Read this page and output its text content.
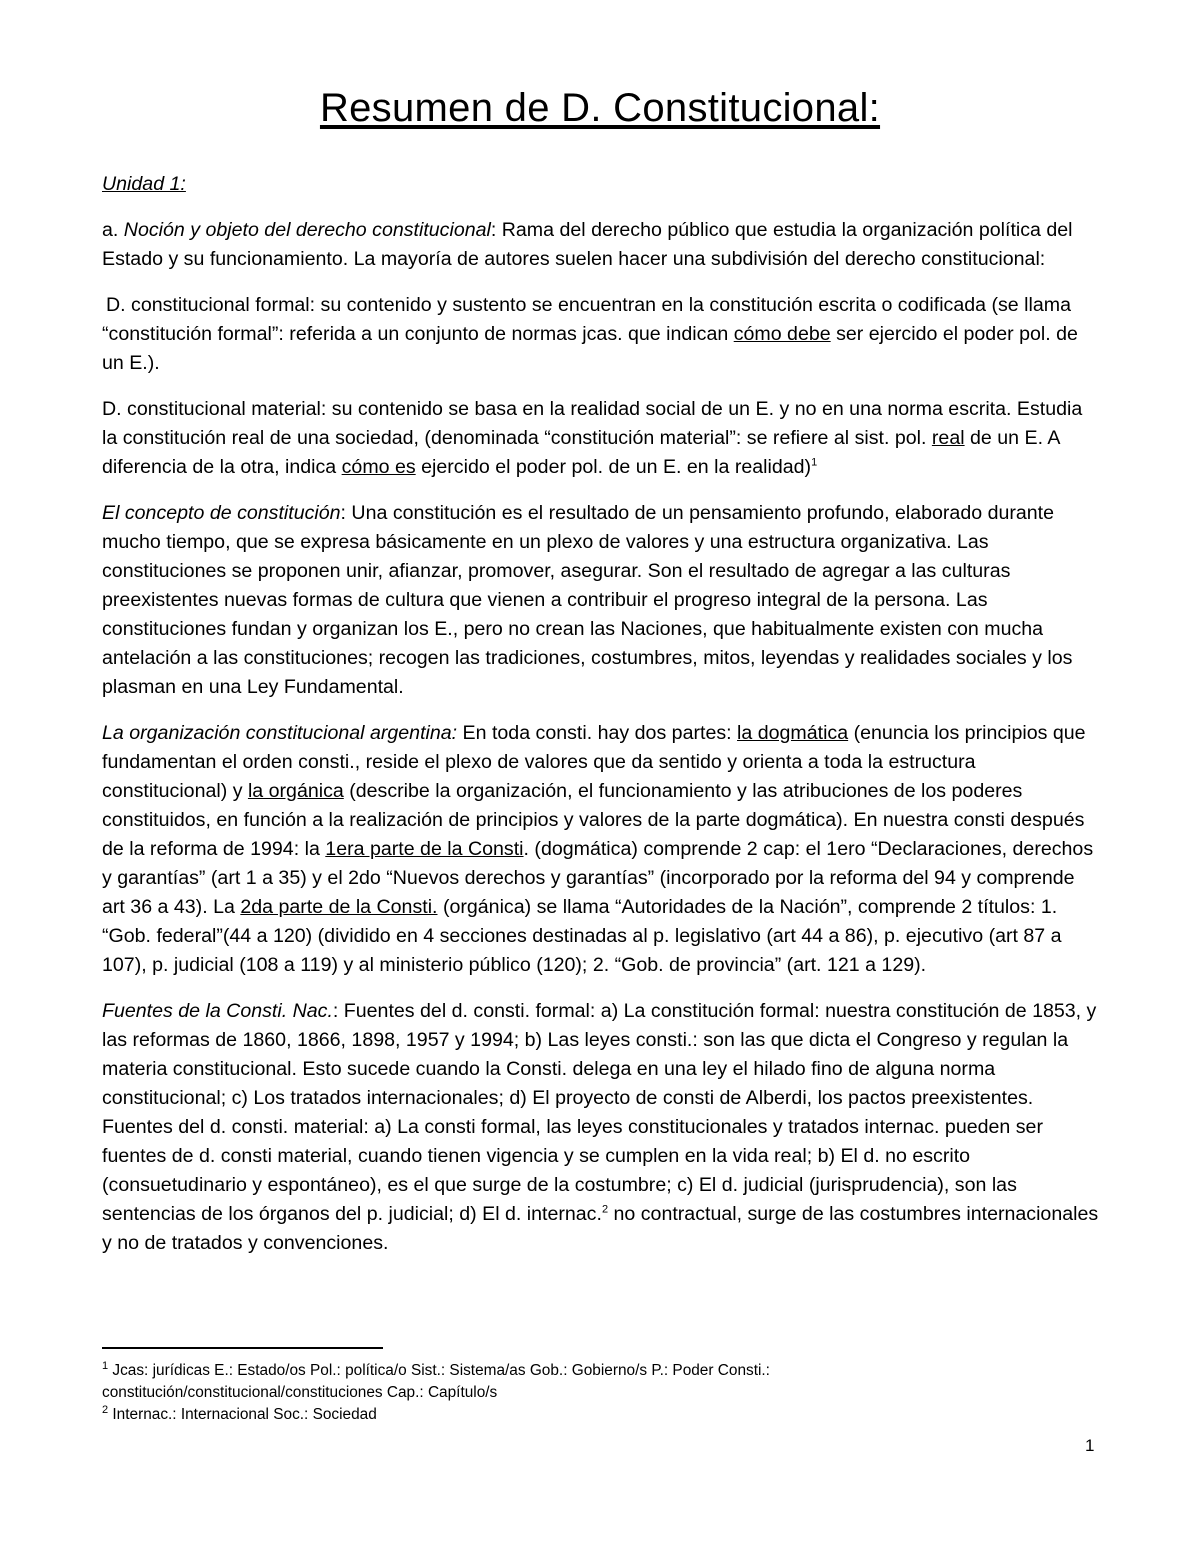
Resumen de D. Constitucional:

Unidad 1:

a. Noción y objeto del derecho constitucional: Rama del derecho público que estudia la organización política del Estado y su funcionamiento. La mayoría de autores suelen hacer una subdivisión del derecho constitucional:

D. constitucional formal: su contenido y sustento se encuentran en la constitución escrita o codificada (se llama “constitución formal”: referida a un conjunto de normas jcas. que indican cómo debe ser ejercido el poder pol. de un E.).

D. constitucional material: su contenido se basa en la realidad social de un E. y no en una norma escrita. Estudia la constitución real de una sociedad, (denominada “constitución material”: se refiere al sist. pol. real de un E. A diferencia de la otra, indica cómo es ejercido el poder pol. de un E. en la realidad)$^1$

El concepto de constitución: Una constitución es el resultado de un pensamiento profundo, elaborado durante mucho tiempo, que se expresa básicamente en un plexo de valores y una estructura organizativa. Las constituciones se proponen unir, afianzar, promover, asegurar. Son el resultado de agregar a las culturas preexistentes nuevas formas de cultura que vienen a contribuir el progreso integral de la persona. Las constituciones fundan y organizan los E., pero no crean las Naciones, que habitualmente existen con mucha antelación a las constituciones; recogen las tradiciones, costumbres, mitos, leyendas y realidades sociales y los plasman en una Ley Fundamental.

La organización constitucional argentina: En toda consti. hay dos partes: la dogmática (enuncia los principios que fundamentan el orden consti., reside el plexo de valores que da sentido y orienta a toda la estructura constitucional) y la orgánica (describe la organización, el funcionamiento y las atribuciones de los poderes constituidos, en función a la realización de principios y valores de la parte dogmática). En nuestra consti después de la reforma de 1994: la 1era parte de la Consti. (dogmática) comprende 2 cap: el 1ero “Declaraciones, derechos y garantías” (art 1 a 35) y el 2do “Nuevos derechos y garantías” (incorporado por la reforma del 94 y comprende art 36 a 43). La 2da parte de la Consti. (orgánica) se llama “Autoridades de la Nación”, comprende 2 títulos: 1. “Gob. federal”(44 a 120) (dividido en 4 secciones destinadas al p. legislativo (art 44 a 86), p. ejecutivo (art 87 a 107), p. judicial (108 a 119) y al ministerio público (120); 2. “Gob. de provincia” (art. 121 a 129).

Fuentes de la Consti. Nac.: Fuentes del d. consti. formal: a) La constitución formal: nuestra constitución de 1853, y las reformas de 1860, 1866, 1898, 1957 y 1994; b) Las leyes consti.: son las que dicta el Congreso y regulan la materia constitucional. Esto sucede cuando la Consti. delega en una ley el hilado fino de alguna norma constitucional; c) Los tratados internacionales; d) El proyecto de consti de Alberdi, los pactos preexistentes. Fuentes del d. consti. material: a) La consti formal, las leyes constitucionales y tratados internac. pueden ser fuentes de d. consti material, cuando tienen vigencia y se cumplen en la vida real; b) El d. no escrito (consuetudinario y espontáneo), es el que surge de la costumbre; c) El d. judicial (jurisprudencia), son las sentencias de los órganos del p. judicial; d) El d. internac.$^2$ no contractual, surge de las costumbres internacionales y no de tratados y convenciones.

$^1$ Jcas: jurídicas E.: Estado/os Pol.: política/o Sist.: Sistema/as Gob.: Gobierno/s P.: Poder Consti.: constitución/constitucional/constituciones Cap.: Capítulo/s

$^2$ Internac.: Internacional Soc.: Sociedad

1
